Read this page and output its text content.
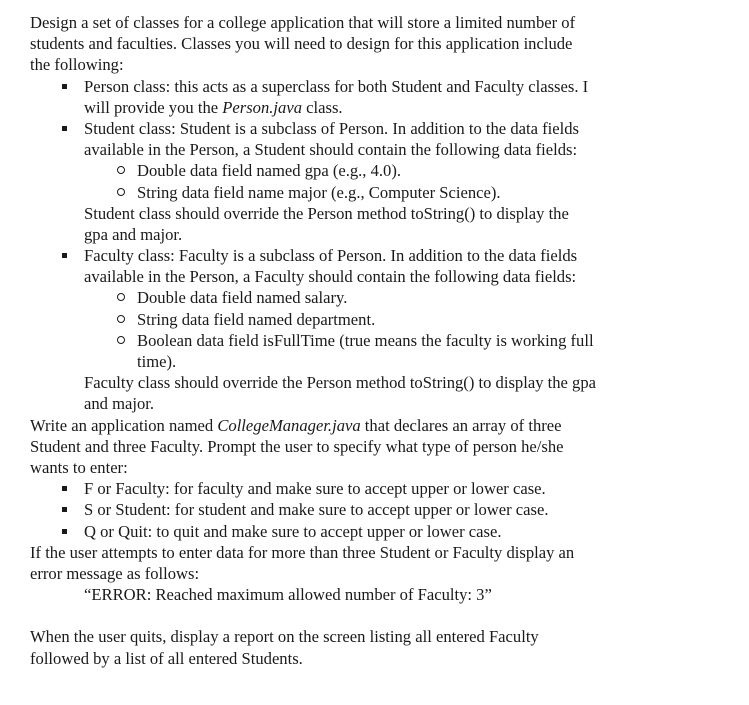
Design a set of classes for a college application that will store a limited number of
students and faculties. Classes you will need to design for this application include
the following:
Person class: this acts as a superclass for both Student and Faculty classes. I
will provide you the Person.java class.
Student class: Student is a subclass of Person. In addition to the data fields
available in the Person, a Student should contain the following data fields:
Double data field named gpa (e.g., 4.0).
String data field name major (e.g., Computer Science).
Student class should override the Person method toString() to display the
gpa and major.
Faculty class: Faculty is a subclass of Person. In addition to the data fields
available in the Person, a Faculty should contain the following data fields:
Double data field named salary.
String data field named department.
Boolean data field isFullTime (true means the faculty is working full
time).
Faculty class should override the Person method toString() to display the gpa
and major.
Write an application named CollegeManager.java that declares an array of three
Student and three Faculty. Prompt the user to specify what type of person he/she
wants to enter:
F or Faculty: for faculty and make sure to accept upper or lower case.
S or Student: for student and make sure to accept upper or lower case.
Q or Quit: to quit and make sure to accept upper or lower case.
If the user attempts to enter data for more than three Student or Faculty display an
error message as follows:
“ERROR: Reached maximum allowed number of Faculty: 3”
When the user quits, display a report on the screen listing all entered Faculty
followed by a list of all entered Students.
